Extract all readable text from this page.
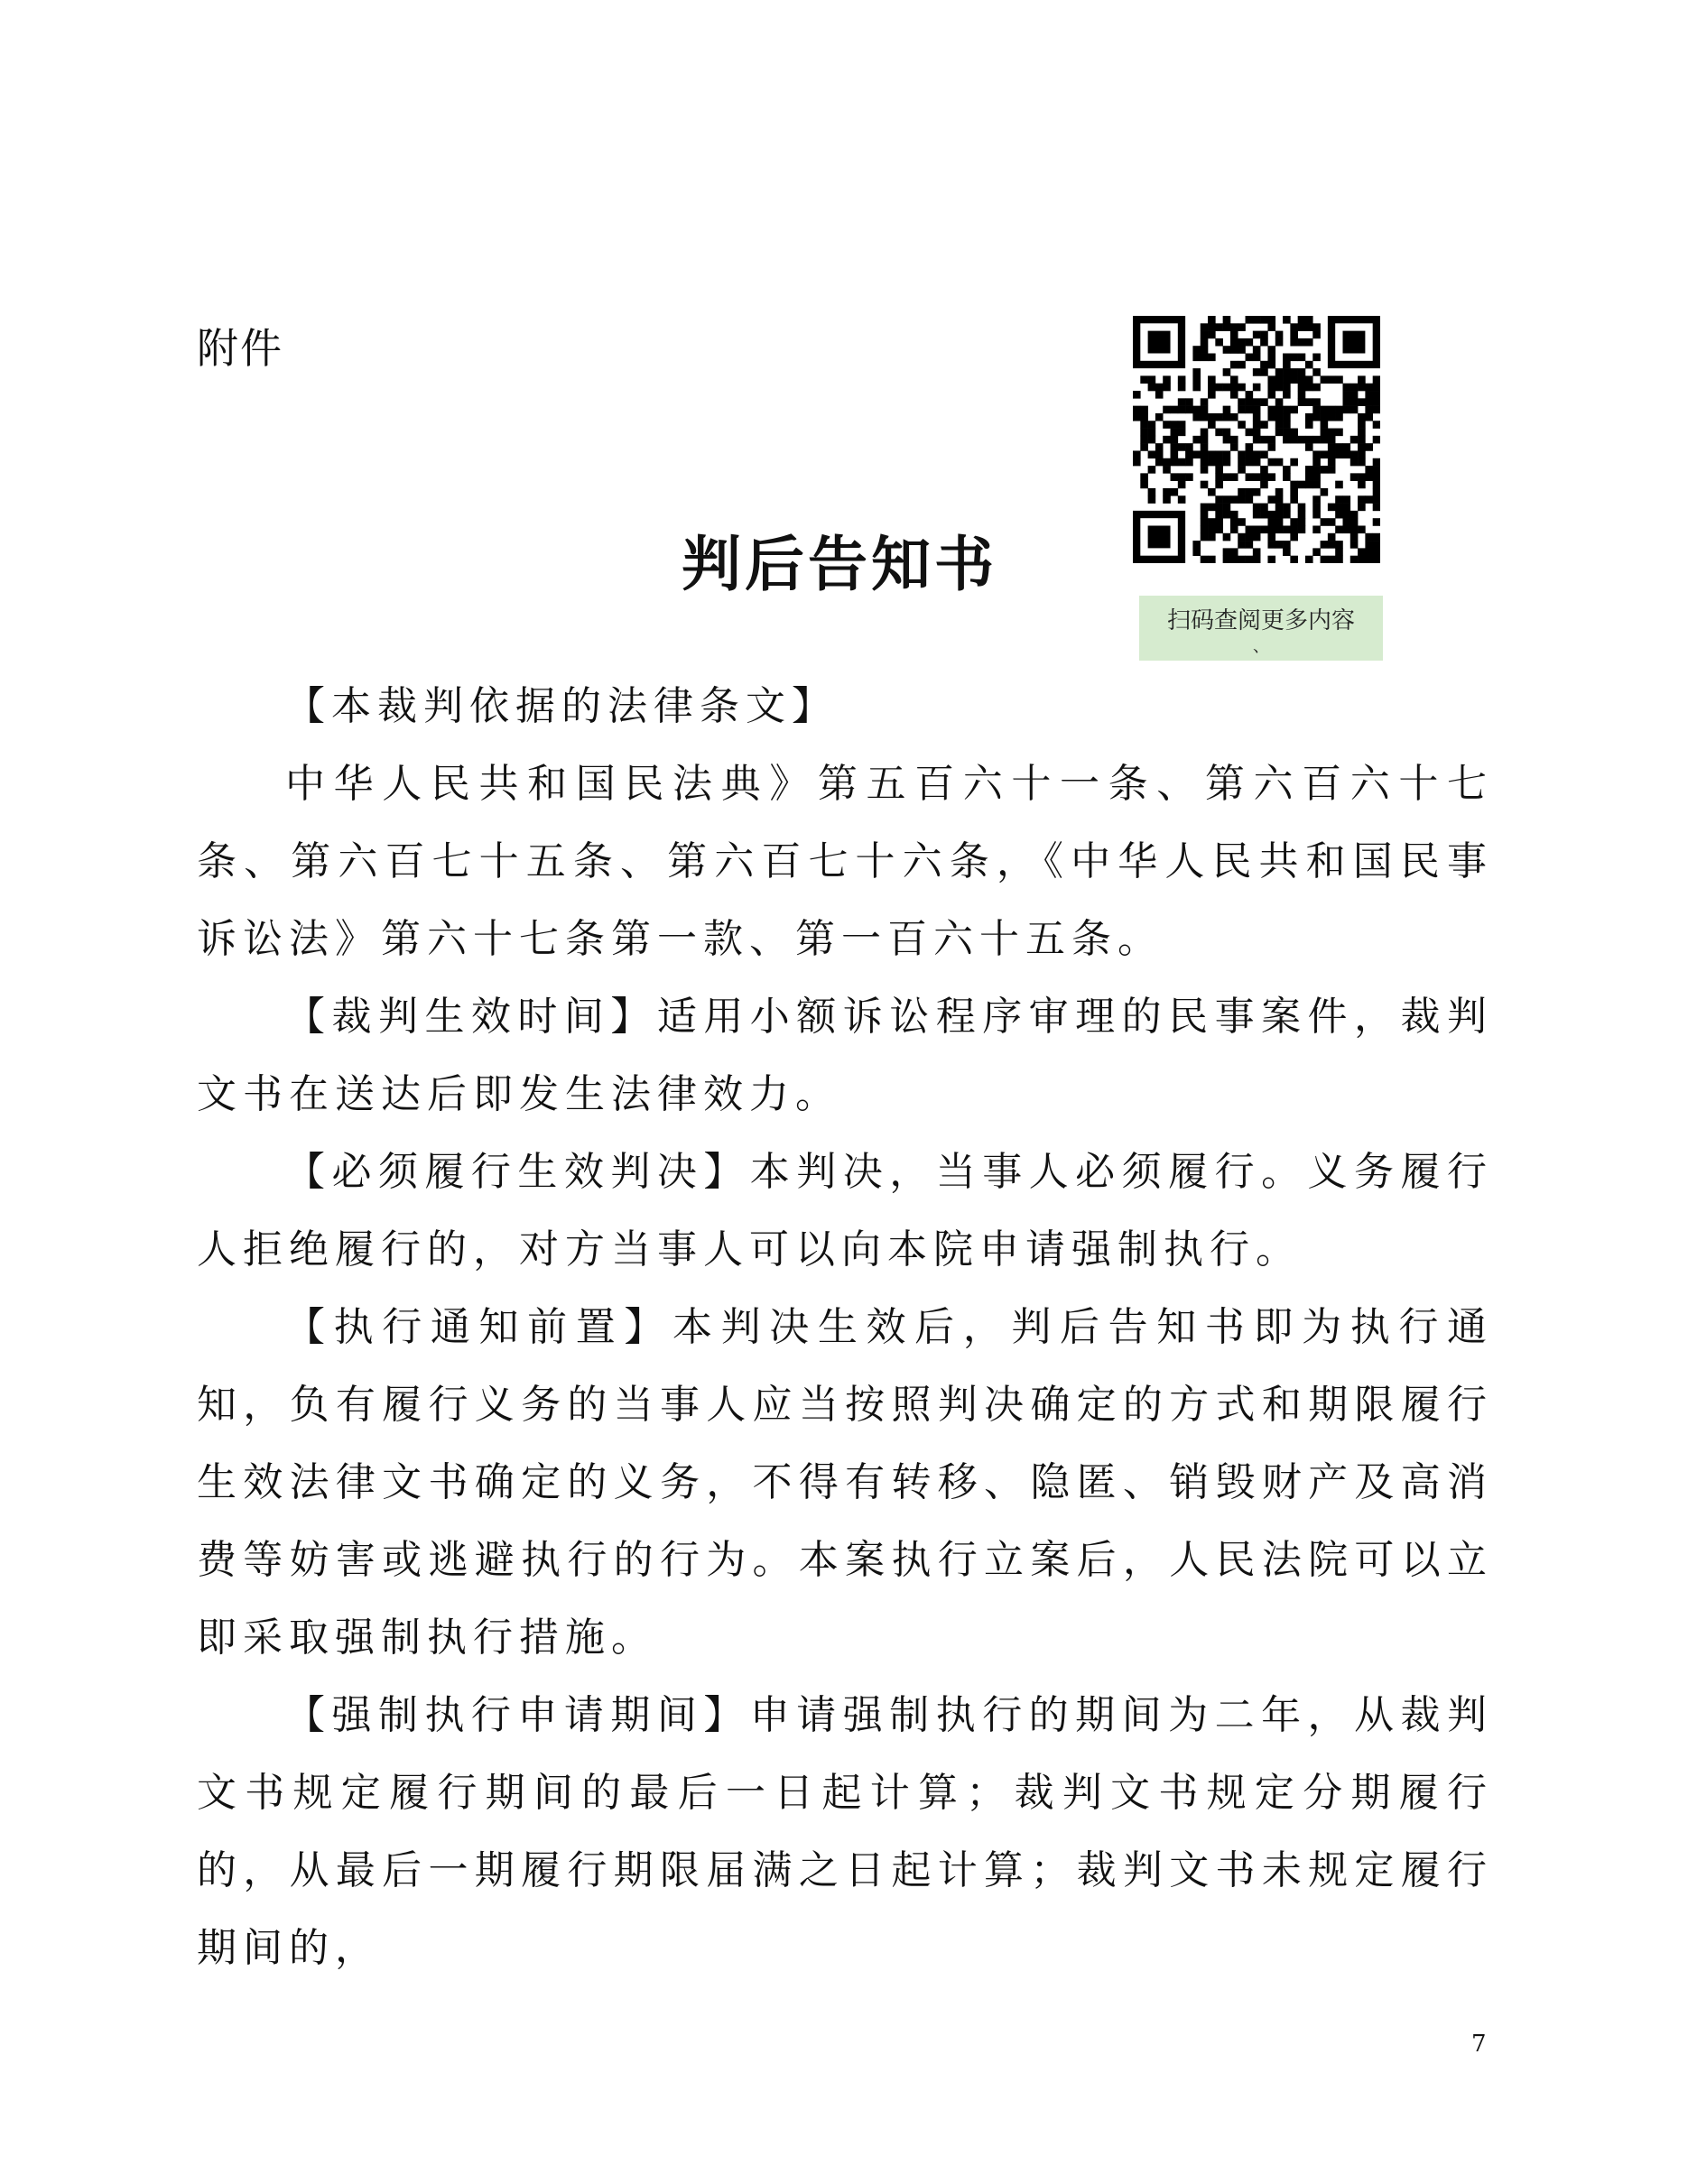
附件
扫码查阅更多内容
、
判后告知书

【本裁判依据的法律条文】

中华人民共和国民法典》第五百六十一条、第六百六十七条、第六百七十五条、第六百七十六条，《中华人民共和国民事诉讼法》第六十七条第一款、第一百六十五条。

【裁判生效时间】适用小额诉讼程序审理的民事案件，裁判文书在送达后即发生法律效力。

【必须履行生效判决】本判决，当事人必须履行。义务履行人拒绝履行的，对方当事人可以向本院申请强制执行。

【执行通知前置】本判决生效后，判后告知书即为执行通知，负有履行义务的当事人应当按照判决确定的方式和期限履行生效法律文书确定的义务，不得有转移、隐匿、销毁财产及高消费等妨害或逃避执行的行为。本案执行立案后，人民法院可以立即采取强制执行措施。

【强制执行申请期间】申请强制执行的期间为二年，从裁判文书规定履行期间的最后一日起计算；裁判文书规定分期履行的，从最后一期履行期限届满之日起计算；裁判文书未规定履行期间的，

7
